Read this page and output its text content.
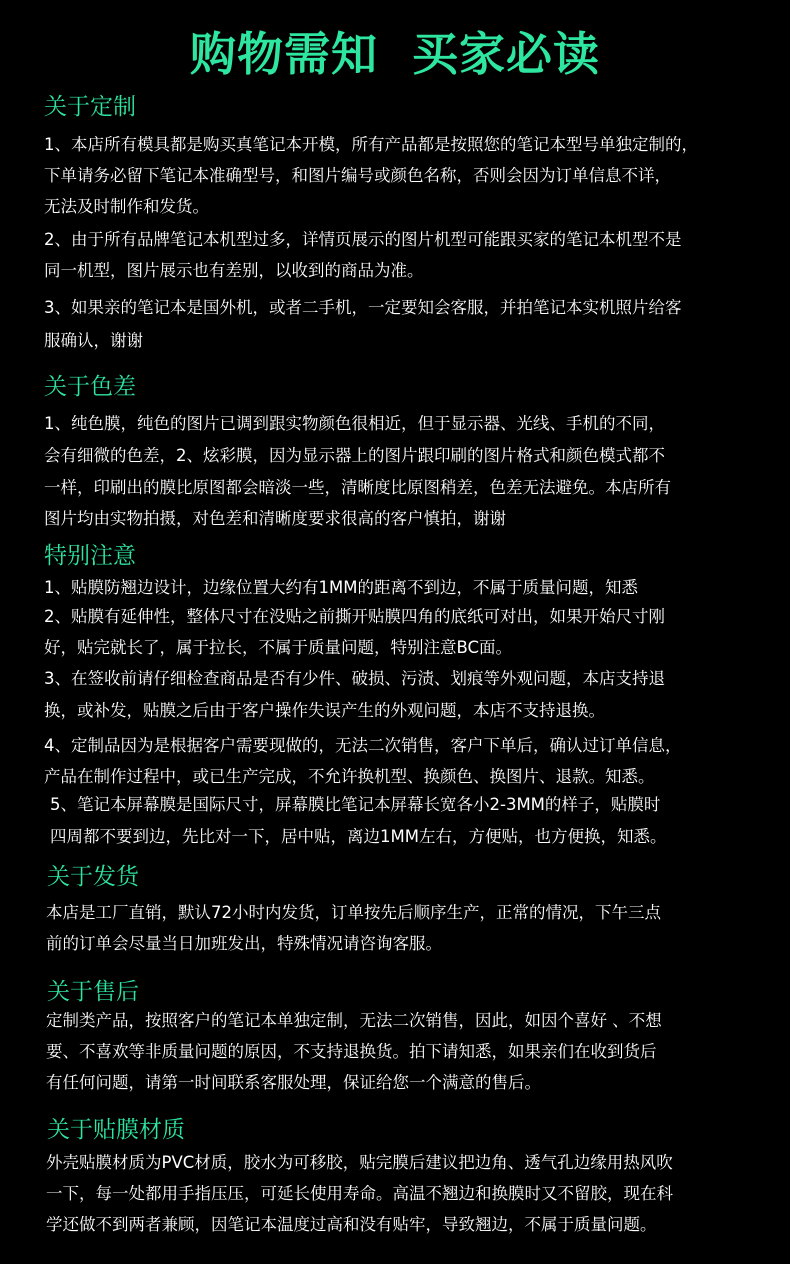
购物需知  买家必读
关于定制

1、本店所有模具都是购买真笔记本开模，所有产品都是按照您的笔记本型号单独定制的，

下单请务必留下笔记本准确型号，和图片编号或颜色名称，否则会因为订单信息不详，

无法及时制作和发货。

2、由于所有品牌笔记本机型过多，详情页展示的图片机型可能跟买家的笔记本机型不是

同一机型，图片展示也有差别，以收到的商品为准。

3、如果亲的笔记本是国外机，或者二手机，一定要知会客服，并拍笔记本实机照片给客

服确认，谢谢

关于色差

1、纯色膜，纯色的图片已调到跟实物颜色很相近，但于显示器、光线、手机的不同，

会有细微的色差，2、炫彩膜，因为显示器上的图片跟印刷的图片格式和颜色模式都不

一样，印刷出的膜比原图都会暗淡一些，清晰度比原图稍差，色差无法避免。本店所有

图片均由实物拍摄，对色差和清晰度要求很高的客户慎拍，谢谢

特别注意

1、贴膜防翘边设计，边缘位置大约有1MM的距离不到边，不属于质量问题，知悉

2、贴膜有延伸性，整体尺寸在没贴之前撕开贴膜四角的底纸可对出，如果开始尺寸刚

好，贴完就长了，属于拉长，不属于质量问题，特别注意BC面。

3、在签收前请仔细检查商品是否有少件、破损、污渍、划痕等外观问题，本店支持退

换，或补发，贴膜之后由于客户操作失误产生的外观问题，本店不支持退换。

4、定制品因为是根据客户需要现做的，无法二次销售，客户下单后，确认过订单信息，

产品在制作过程中，或已生产完成，不允许换机型、换颜色、换图片、退款。知悉。

5、笔记本屏幕膜是国际尺寸，屏幕膜比笔记本屏幕长宽各小2-3MM的样子，贴膜时

四周都不要到边，先比对一下，居中贴，离边1MM左右，方便贴，也方便换，知悉。

关于发货

本店是工厂直销，默认72小时内发货，订单按先后顺序生产，正常的情况，下午三点

前的订单会尽量当日加班发出，特殊情况请咨询客服。

关于售后

定制类产品，按照客户的笔记本单独定制，无法二次销售，因此，如因个喜好 、不想

要、不喜欢等非质量问题的原因，不支持退换货。拍下请知悉，如果亲们在收到货后

有任何问题，请第一时间联系客服处理，保证给您一个满意的售后。

关于贴膜材质

外壳贴膜材质为PVC材质，胶水为可移胶，贴完膜后建议把边角、透气孔边缘用热风吹

一下，每一处都用手指压压，可延长使用寿命。高温不翘边和换膜时又不留胶，现在科

学还做不到两者兼顾，因笔记本温度过高和没有贴牢，导致翘边，不属于质量问题。
